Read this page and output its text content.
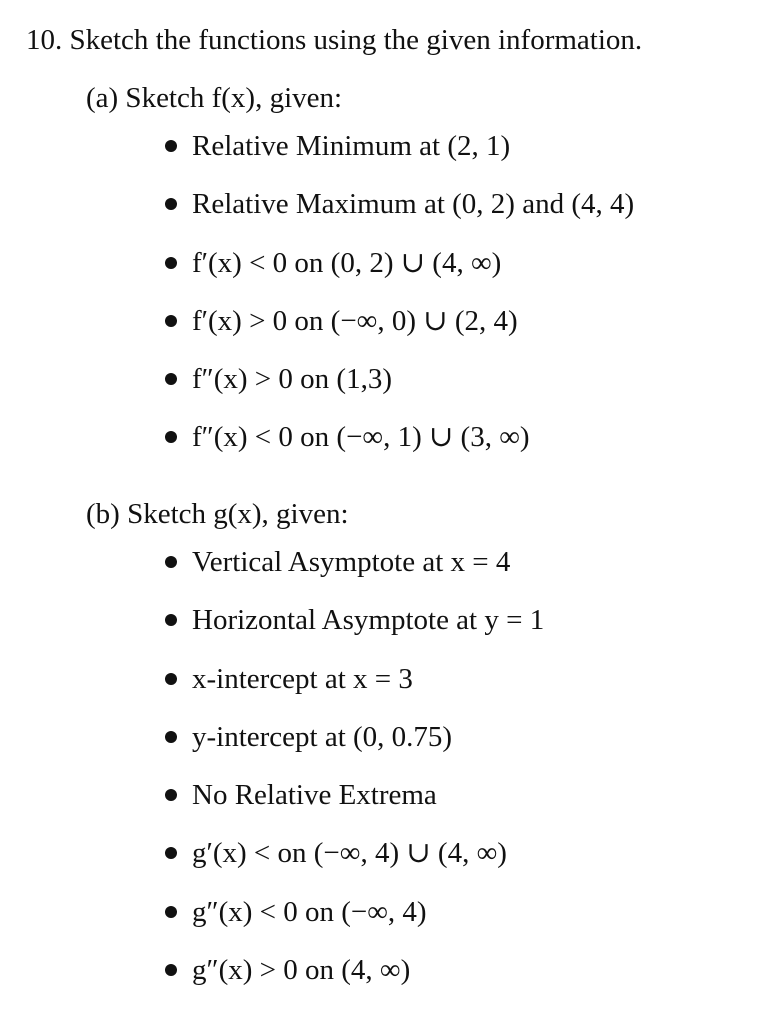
10. Sketch the functions using the given information.
(a) Sketch f(x), given:
Relative Minimum at (2, 1)
Relative Maximum at (0, 2) and (4, 4)
f′(x) < 0 on (0, 2) ∪ (4, ∞)
f′(x) > 0 on (−∞, 0) ∪ (2, 4)
f″(x) > 0 on (1,3)
f″(x) < 0 on (−∞, 1) ∪ (3, ∞)
(b) Sketch g(x), given:
Vertical Asymptote at x = 4
Horizontal Asymptote at y = 1
x-intercept at x = 3
y-intercept at (0, 0.75)
No Relative Extrema
g′(x) < on (−∞, 4) ∪ (4, ∞)
g″(x) < 0 on (−∞, 4)
g″(x) > 0 on (4, ∞)
